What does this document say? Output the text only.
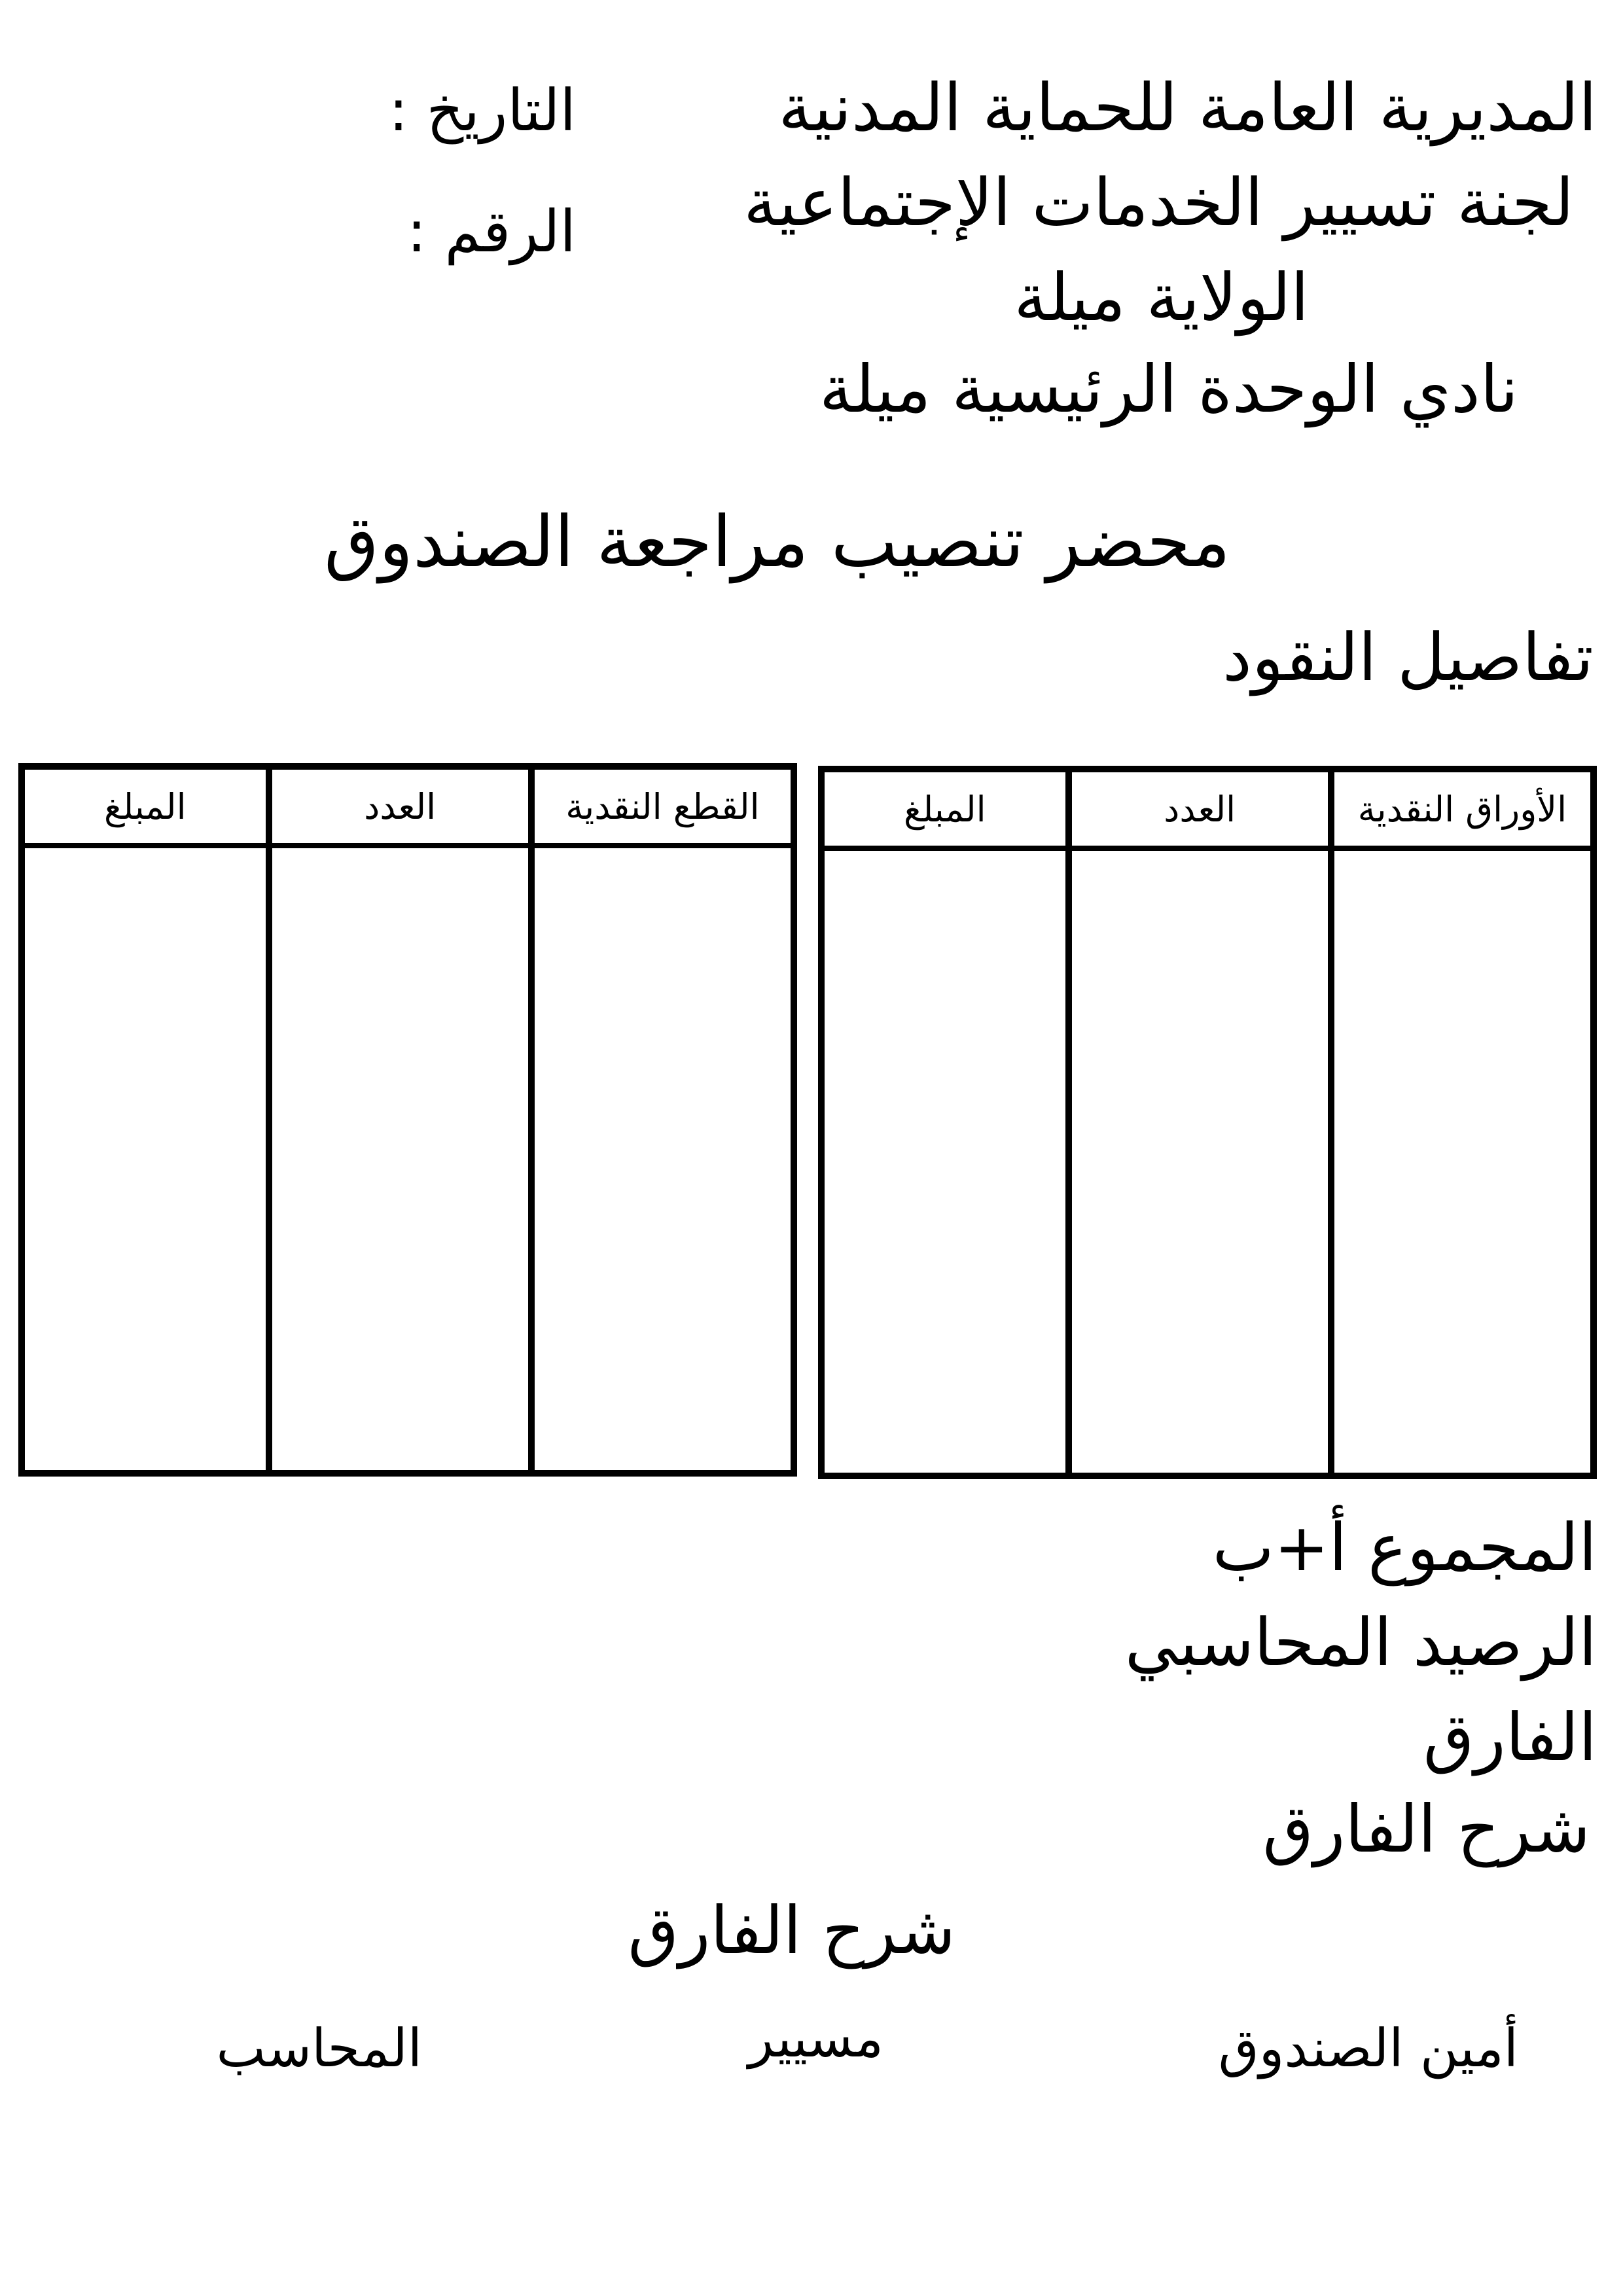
المديرية العامة للحماية المدنية
لجنة تسيير الخدمات الإجتماعية
الولاية ميلة
نادي الوحدة الرئيسية ميلة
التاريخ :
الرقم :
محضر تنصيب مراجعة الصندوق
تفاصيل النقود
الأوراق النقدية	العدد	المبلغ

القطع النقدية	العدد	المبلغ

المجموع أ+ب
الرصيد المحاسبي
الفارق
شرح الفارق
شرح الفارق
أمين الصندوق
مسيير
المحاسب
